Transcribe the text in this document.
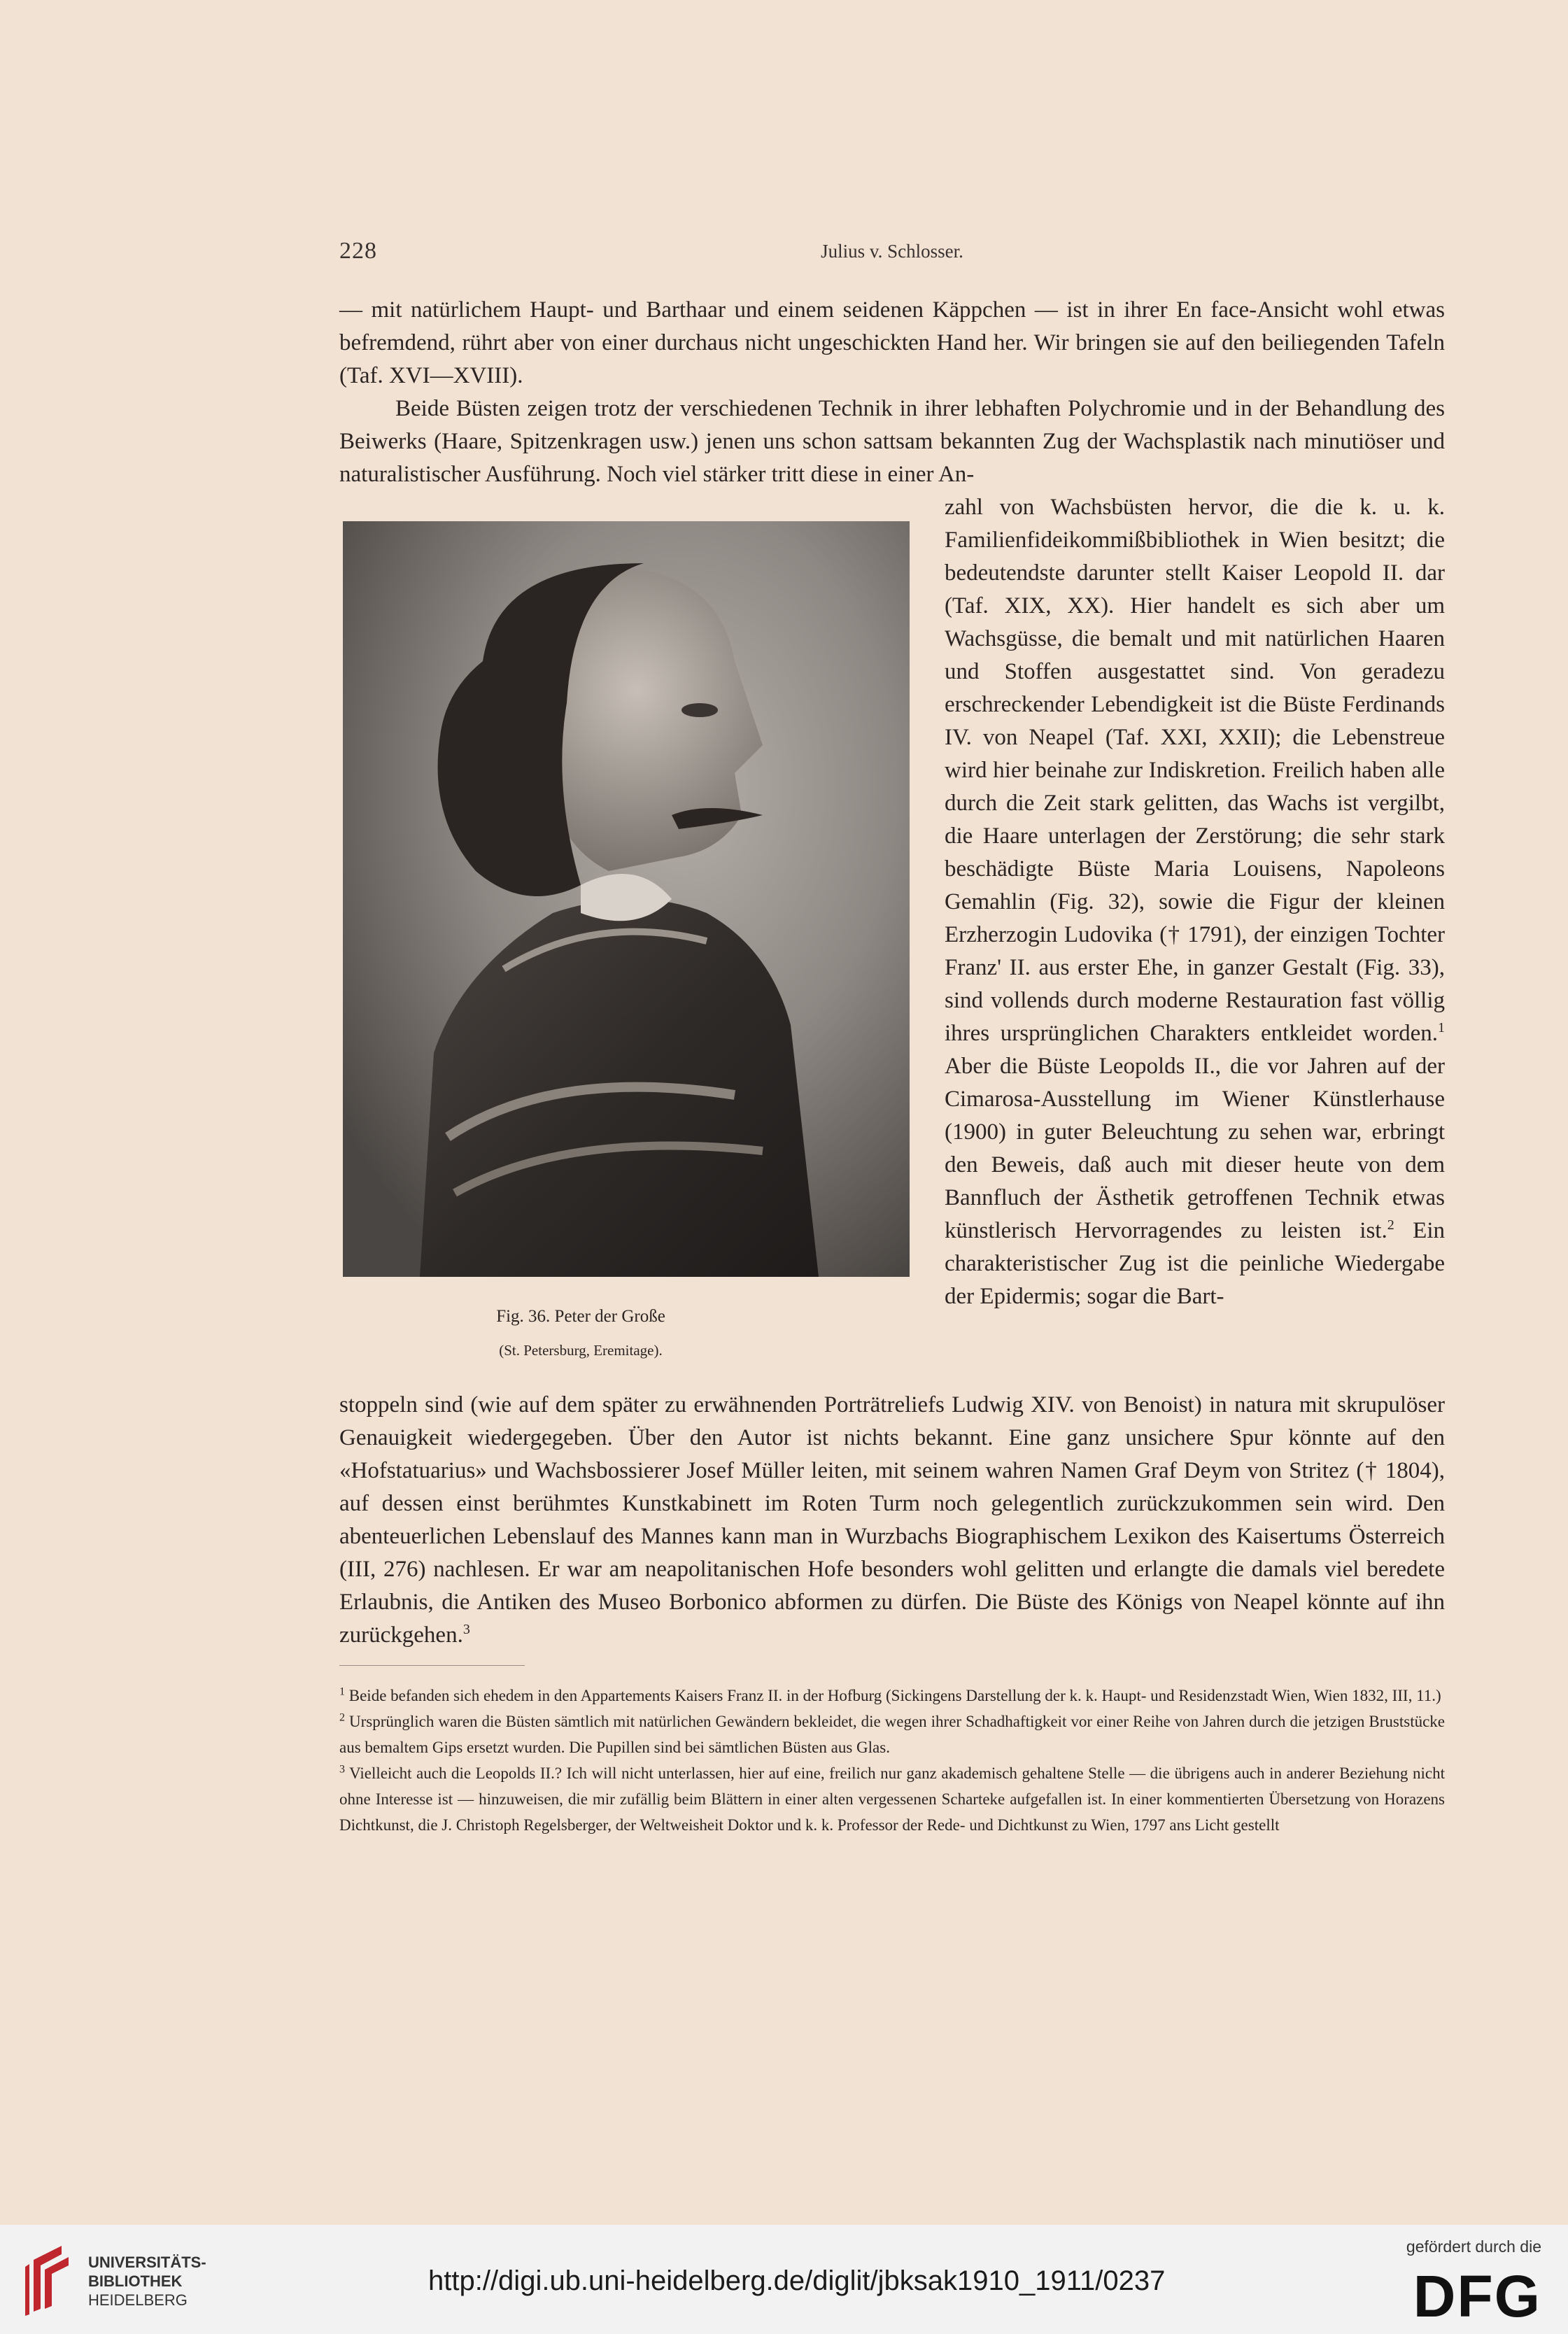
228	Julius v. Schlosser.

— mit natürlichem Haupt- und Barthaar und einem seidenen Käppchen — ist in ihrer En face-Ansicht wohl etwas befremdend, rührt aber von einer durchaus nicht ungeschickten Hand her. Wir bringen sie auf den beiliegenden Tafeln (Taf. XVI—XVIII).

Beide Büsten zeigen trotz der verschiedenen Technik in ihrer lebhaften Polychromie und in der Behandlung des Beiwerks (Haare, Spitzenkragen usw.) jenen uns schon sattsam bekannten Zug der Wachsplastik nach minutiöser und naturalistischer Ausführung. Noch viel stärker tritt diese in einer An-

Fig. 36. Peter der Große
(St. Petersburg, Eremitage).

zahl von Wachsbüsten hervor, die die k. u. k. Familienfideikommißbibliothek in Wien besitzt; die bedeutendste darunter stellt Kaiser Leopold II. dar (Taf. XIX, XX). Hier handelt es sich aber um Wachsgüsse, die bemalt und mit natürlichen Haaren und Stoffen ausgestattet sind. Von geradezu erschreckender Lebendigkeit ist die Büste Ferdinands IV. von Neapel (Taf. XXI, XXII); die Lebenstreue wird hier beinahe zur Indiskretion. Freilich haben alle durch die Zeit stark gelitten, das Wachs ist vergilbt, die Haare unterlagen der Zerstörung; die sehr stark beschädigte Büste Maria Louisens, Napoleons Gemahlin (Fig. 32), sowie die Figur der kleinen Erzherzogin Ludovika († 1791), der einzigen Tochter Franz' II. aus erster Ehe, in ganzer Gestalt (Fig. 33), sind vollends durch moderne Restauration fast völlig ihres ursprünglichen Charakters entkleidet worden.$^1$ Aber die Büste Leopolds II., die vor Jahren auf der Cimarosa-Ausstellung im Wiener Künstlerhause (1900) in guter Beleuchtung zu sehen war, erbringt den Beweis, daß auch mit dieser heute von dem Bannfluch der Ästhetik getroffenen Technik etwas künstlerisch Hervorragendes zu leisten ist.$^2$ Ein charakteristischer Zug ist die peinliche Wiedergabe der Epidermis; sogar die Bart-

stoppeln sind (wie auf dem später zu erwähnenden Porträtreliefs Ludwig XIV. von Benoist) in natura mit skrupulöser Genauigkeit wiedergegeben. Über den Autor ist nichts bekannt. Eine ganz unsichere Spur könnte auf den «Hofstatuarius» und Wachsbossierer Josef Müller leiten, mit seinem wahren Namen Graf Deym von Stritez († 1804), auf dessen einst berühmtes Kunstkabinett im Roten Turm noch gelegentlich zurückzukommen sein wird. Den abenteuerlichen Lebenslauf des Mannes kann man in Wurzbachs Biographischem Lexikon des Kaisertums Österreich (III, 276) nachlesen. Er war am neapolitanischen Hofe besonders wohl gelitten und erlangte die damals viel beredete Erlaubnis, die Antiken des Museo Borbonico abformen zu dürfen. Die Büste des Königs von Neapel könnte auf ihn zurückgehen.$^3$

$^1$ Beide befanden sich ehedem in den Appartements Kaisers Franz II. in der Hofburg (Sickingens Darstellung der k. k. Haupt- und Residenzstadt Wien, Wien 1832, III, 11.)

$^2$ Ursprünglich waren die Büsten sämtlich mit natürlichen Gewändern bekleidet, die wegen ihrer Schadhaftigkeit vor einer Reihe von Jahren durch die jetzigen Bruststücke aus bemaltem Gips ersetzt wurden. Die Pupillen sind bei sämtlichen Büsten aus Glas.

$^3$ Vielleicht auch die Leopolds II.? Ich will nicht unterlassen, hier auf eine, freilich nur ganz akademisch gehaltene Stelle — die übrigens auch in anderer Beziehung nicht ohne Interesse ist — hinzuweisen, die mir zufällig beim Blättern in einer alten vergessenen Scharteke aufgefallen ist. In einer kommentierten Übersetzung von Horazens Dichtkunst, die J. Christoph Regelsberger, der Weltweisheit Doktor und k. k. Professor der Rede- und Dichtkunst zu Wien, 1797 ans Licht gestellt

UNIVERSITÄTS-
BIBLIOTHEK
HEIDELBERG
http://digi.ub.uni-heidelberg.de/diglit/jbksak1910_1911/0237
gefördert durch die
DFG
